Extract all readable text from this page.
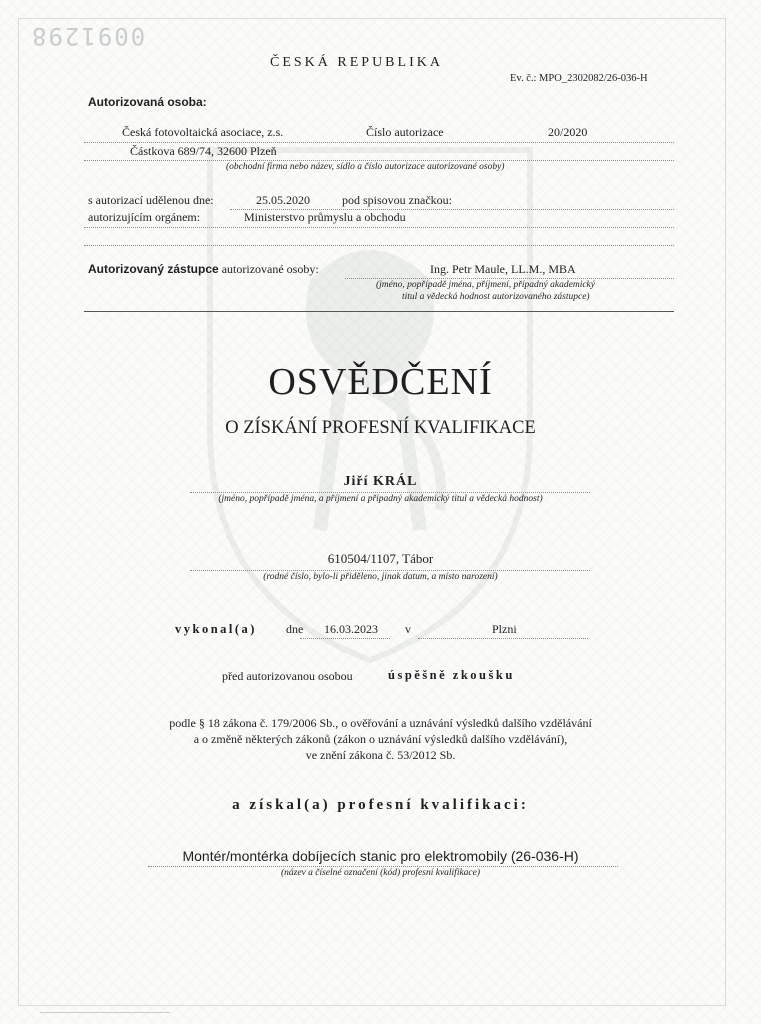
0091298
ČESKÁ REPUBLIKA
Ev. č.: MPO_2302082/26-036-H
Autorizovaná osoba:
Česká fotovoltaická asociace, z.s.	Číslo autorizace	20/2020
Částkova 689/74, 32600 Plzeň
(obchodní firma nebo název, sídlo a číslo autorizace autorizované osoby)
s autorizací udělenou dne:	25.05.2020	pod spisovou značkou:
autorizujícím orgánem:	Ministerstvo průmyslu a obchodu
Autorizovaný zástupce autorizované osoby:	Ing. Petr Maule, LL.M., MBA
(jméno, popřípadě jména, příjmení, případný akademický
titul a vědecká hodnost autorizovaného zástupce)
OSVĚDČENÍ
O ZÍSKÁNÍ PROFESNÍ KVALIFIKACE
Jiří KRÁL
(jméno, popřípadě jména, a příjmení a případný akademický titul a vědecká hodnost)
610504/1107, Tábor
(rodné číslo, bylo-li přiděleno, jinak datum, a místo narození)
vykonal(a) dne 16.03.2023 v	Plzni
před autorizovanou osobou	úspěšně zkoušku
podle § 18 zákona č. 179/2006 Sb., o ověřování a uznávání výsledků dalšího vzdělávání
a o změně některých zákonů (zákon o uznávání výsledků dalšího vzdělávání),
ve znění zákona č. 53/2012 Sb.
a získal(a) profesní kvalifikaci:
Montér/montérka dobíjecích stanic pro elektromobily (26-036-H)
(název a číselné označení (kód) profesní kvalifikace)
